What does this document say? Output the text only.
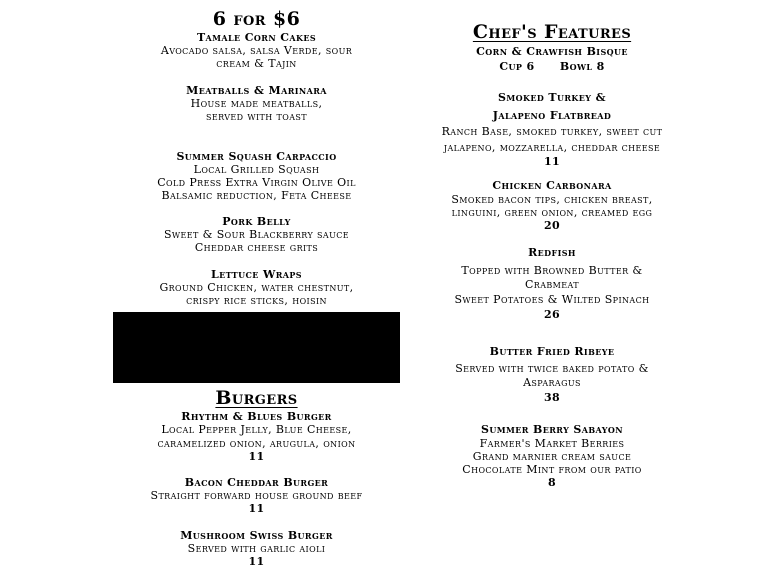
6 for $6
Tamale Corn Cakes
Avocado salsa, salsa Verde, sour
cream & Tajin
Meatballs & Marinara
House made meatballs,
served with toast
Summer Squash Carpaccio
Local Grilled Squash
Cold Press Extra Virgin Olive Oil
Balsamic reduction, Feta Cheese
Pork Belly
Sweet & Sour Blackberry sauce
Cheddar cheese grits
Lettuce Wraps
Ground Chicken, water chestnut,
crispy rice sticks, hoisin
Burgers
Rhythm & Blues Burger
Local Pepper Jelly, Blue Cheese,
caramelized onion, arugula, onion
11
Bacon Cheddar Burger
Straight forward house ground beef
11
Mushroom Swiss Burger
Served with garlic aioli
11
Chef's Features
Corn & Crawfish Bisque
Cup 6      Bowl 8
Smoked Turkey &
Jalapeno Flatbread
Ranch Base, smoked turkey, sweet cut
jalapeno, mozzarella, cheddar cheese
11
Chicken Carbonara
Smoked bacon tips, chicken breast,
linguini, green onion, creamed egg
20
Redfish
Topped with Browned Butter &
Crabmeat
Sweet Potatoes & Wilted Spinach
26
Butter Fried Ribeye
Served with twice baked potato &
Asparagus
38
Summer Berry Sabayon
Farmer's Market Berries
Grand marnier cream sauce
Chocolate Mint from our patio
8
